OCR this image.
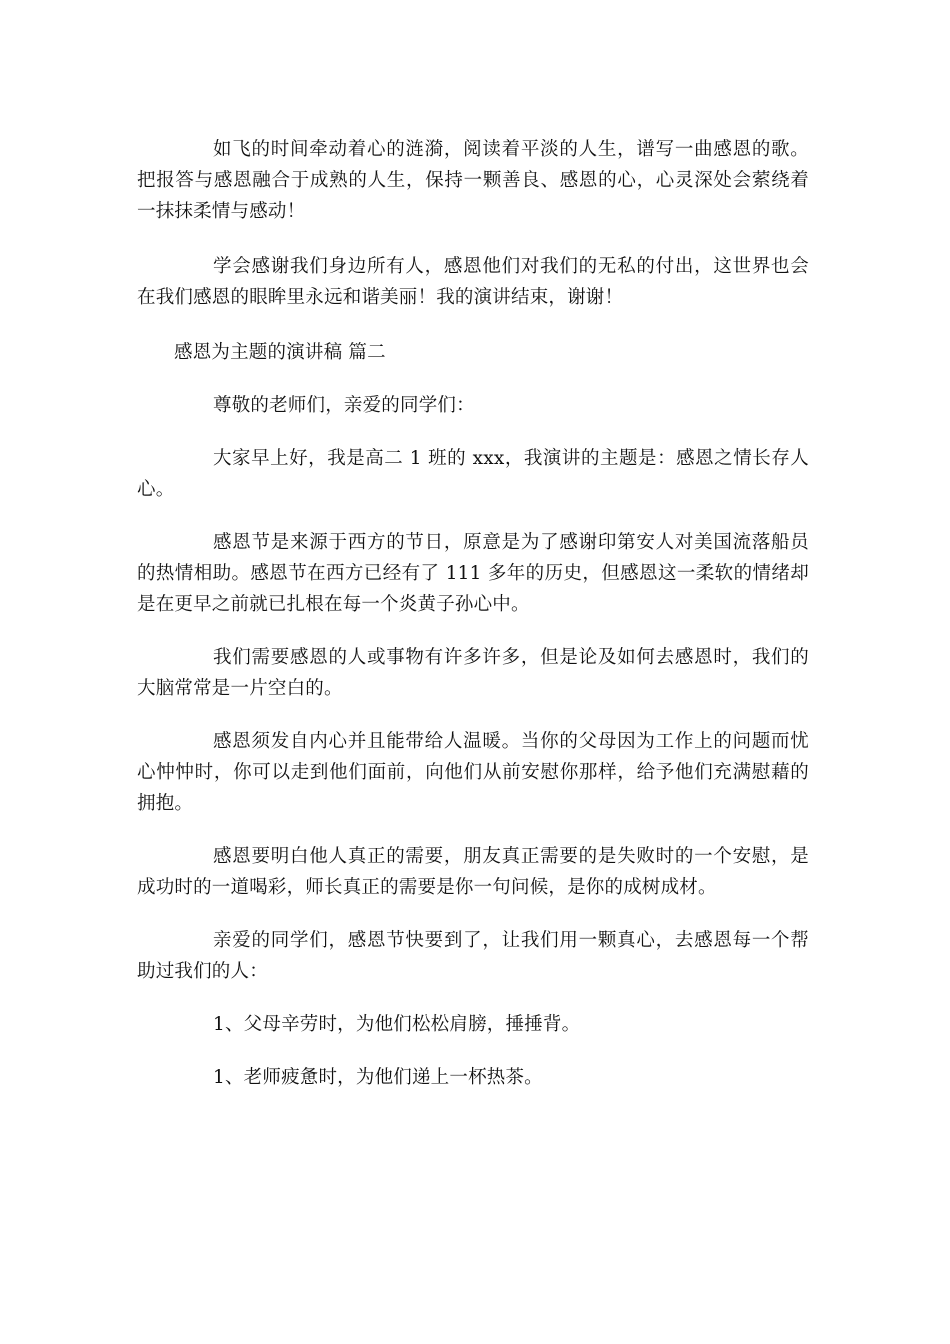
如飞的时间牵动着心的涟漪，阅读着平淡的人生，谱写一曲感恩的歌。把报答与感恩融合于成熟的人生，保持一颗善良、感恩的心，心灵深处会萦绕着一抹抹柔情与感动！

学会感谢我们身边所有人，感恩他们对我们的无私的付出，这世界也会在我们感恩的眼眸里永远和谐美丽！我的演讲结束，谢谢！

感恩为主题的演讲稿 篇二

尊敬的老师们，亲爱的同学们：

大家早上好，我是高二 1 班的 xxx，我演讲的主题是：感恩之情长存人心。

感恩节是来源于西方的节日，原意是为了感谢印第安人对美国流落船员的热情相助。感恩节在西方已经有了 111 多年的历史，但感恩这一柔软的情绪却是在更早之前就已扎根在每一个炎黄子孙心中。

我们需要感恩的人或事物有许多许多，但是论及如何去感恩时，我们的大脑常常是一片空白的。

感恩须发自内心并且能带给人温暖。当你的父母因为工作上的问题而忧心忡忡时，你可以走到他们面前，向他们从前安慰你那样，给予他们充满慰藉的拥抱。

感恩要明白他人真正的需要，朋友真正需要的是失败时的一个安慰，是成功时的一道喝彩，师长真正的需要是你一句问候，是你的成树成材。

亲爱的同学们，感恩节快要到了，让我们用一颗真心，去感恩每一个帮助过我们的人：

1、父母辛劳时，为他们松松肩膀，捶捶背。

1、老师疲惫时，为他们递上一杯热茶。
